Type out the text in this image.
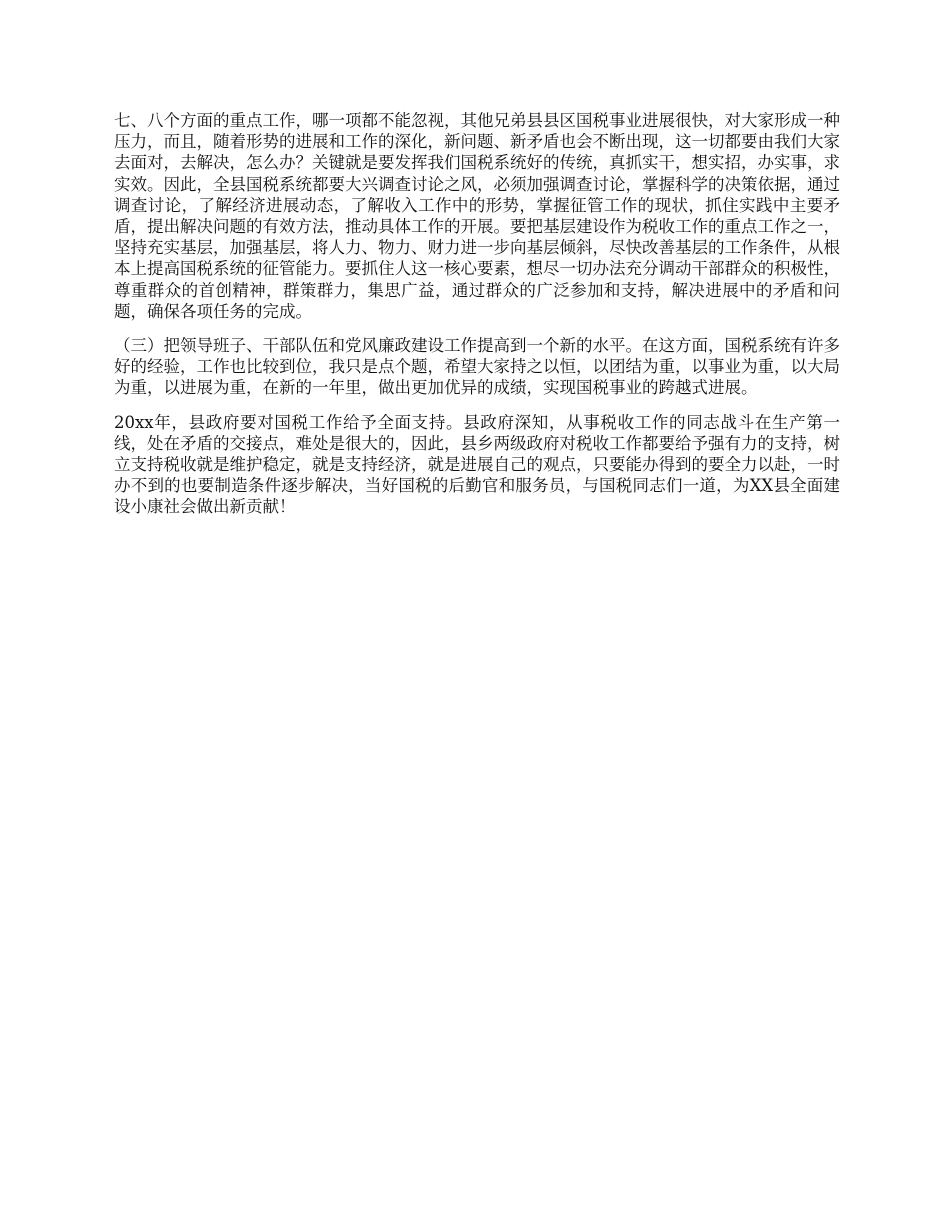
七、八个方面的重点工作，哪一项都不能忽视，其他兄弟县县区国税事业进展很快，对大家形成一种压力，而且，随着形势的进展和工作的深化，新问题、新矛盾也会不断出现，这一切都要由我们大家去面对，去解决，怎么办？关键就是要发挥我们国税系统好的传统，真抓实干，想实招，办实事，求实效。因此，全县国税系统都要大兴调查讨论之风，必须加强调查讨论，掌握科学的决策依据，通过调查讨论，了解经济进展动态，了解收入工作中的形势，掌握征管工作的现状，抓住实践中主要矛盾，提出解决问题的有效方法，推动具体工作的开展。要把基层建设作为税收工作的重点工作之一，坚持充实基层，加强基层，将人力、物力、财力进一步向基层倾斜，尽快改善基层的工作条件，从根本上提高国税系统的征管能力。要抓住人这一核心要素，想尽一切办法充分调动干部群众的积极性，尊重群众的首创精神，群策群力，集思广益，通过群众的广泛参加和支持，解决进展中的矛盾和问题，确保各项任务的完成。

（三）把领导班子、干部队伍和党风廉政建设工作提高到一个新的水平。在这方面，国税系统有许多好的经验，工作也比较到位，我只是点个题，希望大家持之以恒，以团结为重，以事业为重，以大局为重，以进展为重，在新的一年里，做出更加优异的成绩，实现国税事业的跨越式进展。

20xx年，县政府要对国税工作给予全面支持。县政府深知，从事税收工作的同志战斗在生产第一线，处在矛盾的交接点，难处是很大的，因此，县乡两级政府对税收工作都要给予强有力的支持，树立支持税收就是维护稳定，就是支持经济，就是进展自己的观点，只要能办得到的要全力以赴，一时办不到的也要制造条件逐步解决，当好国税的后勤官和服务员，与国税同志们一道，为XX县全面建设小康社会做出新贡献！
